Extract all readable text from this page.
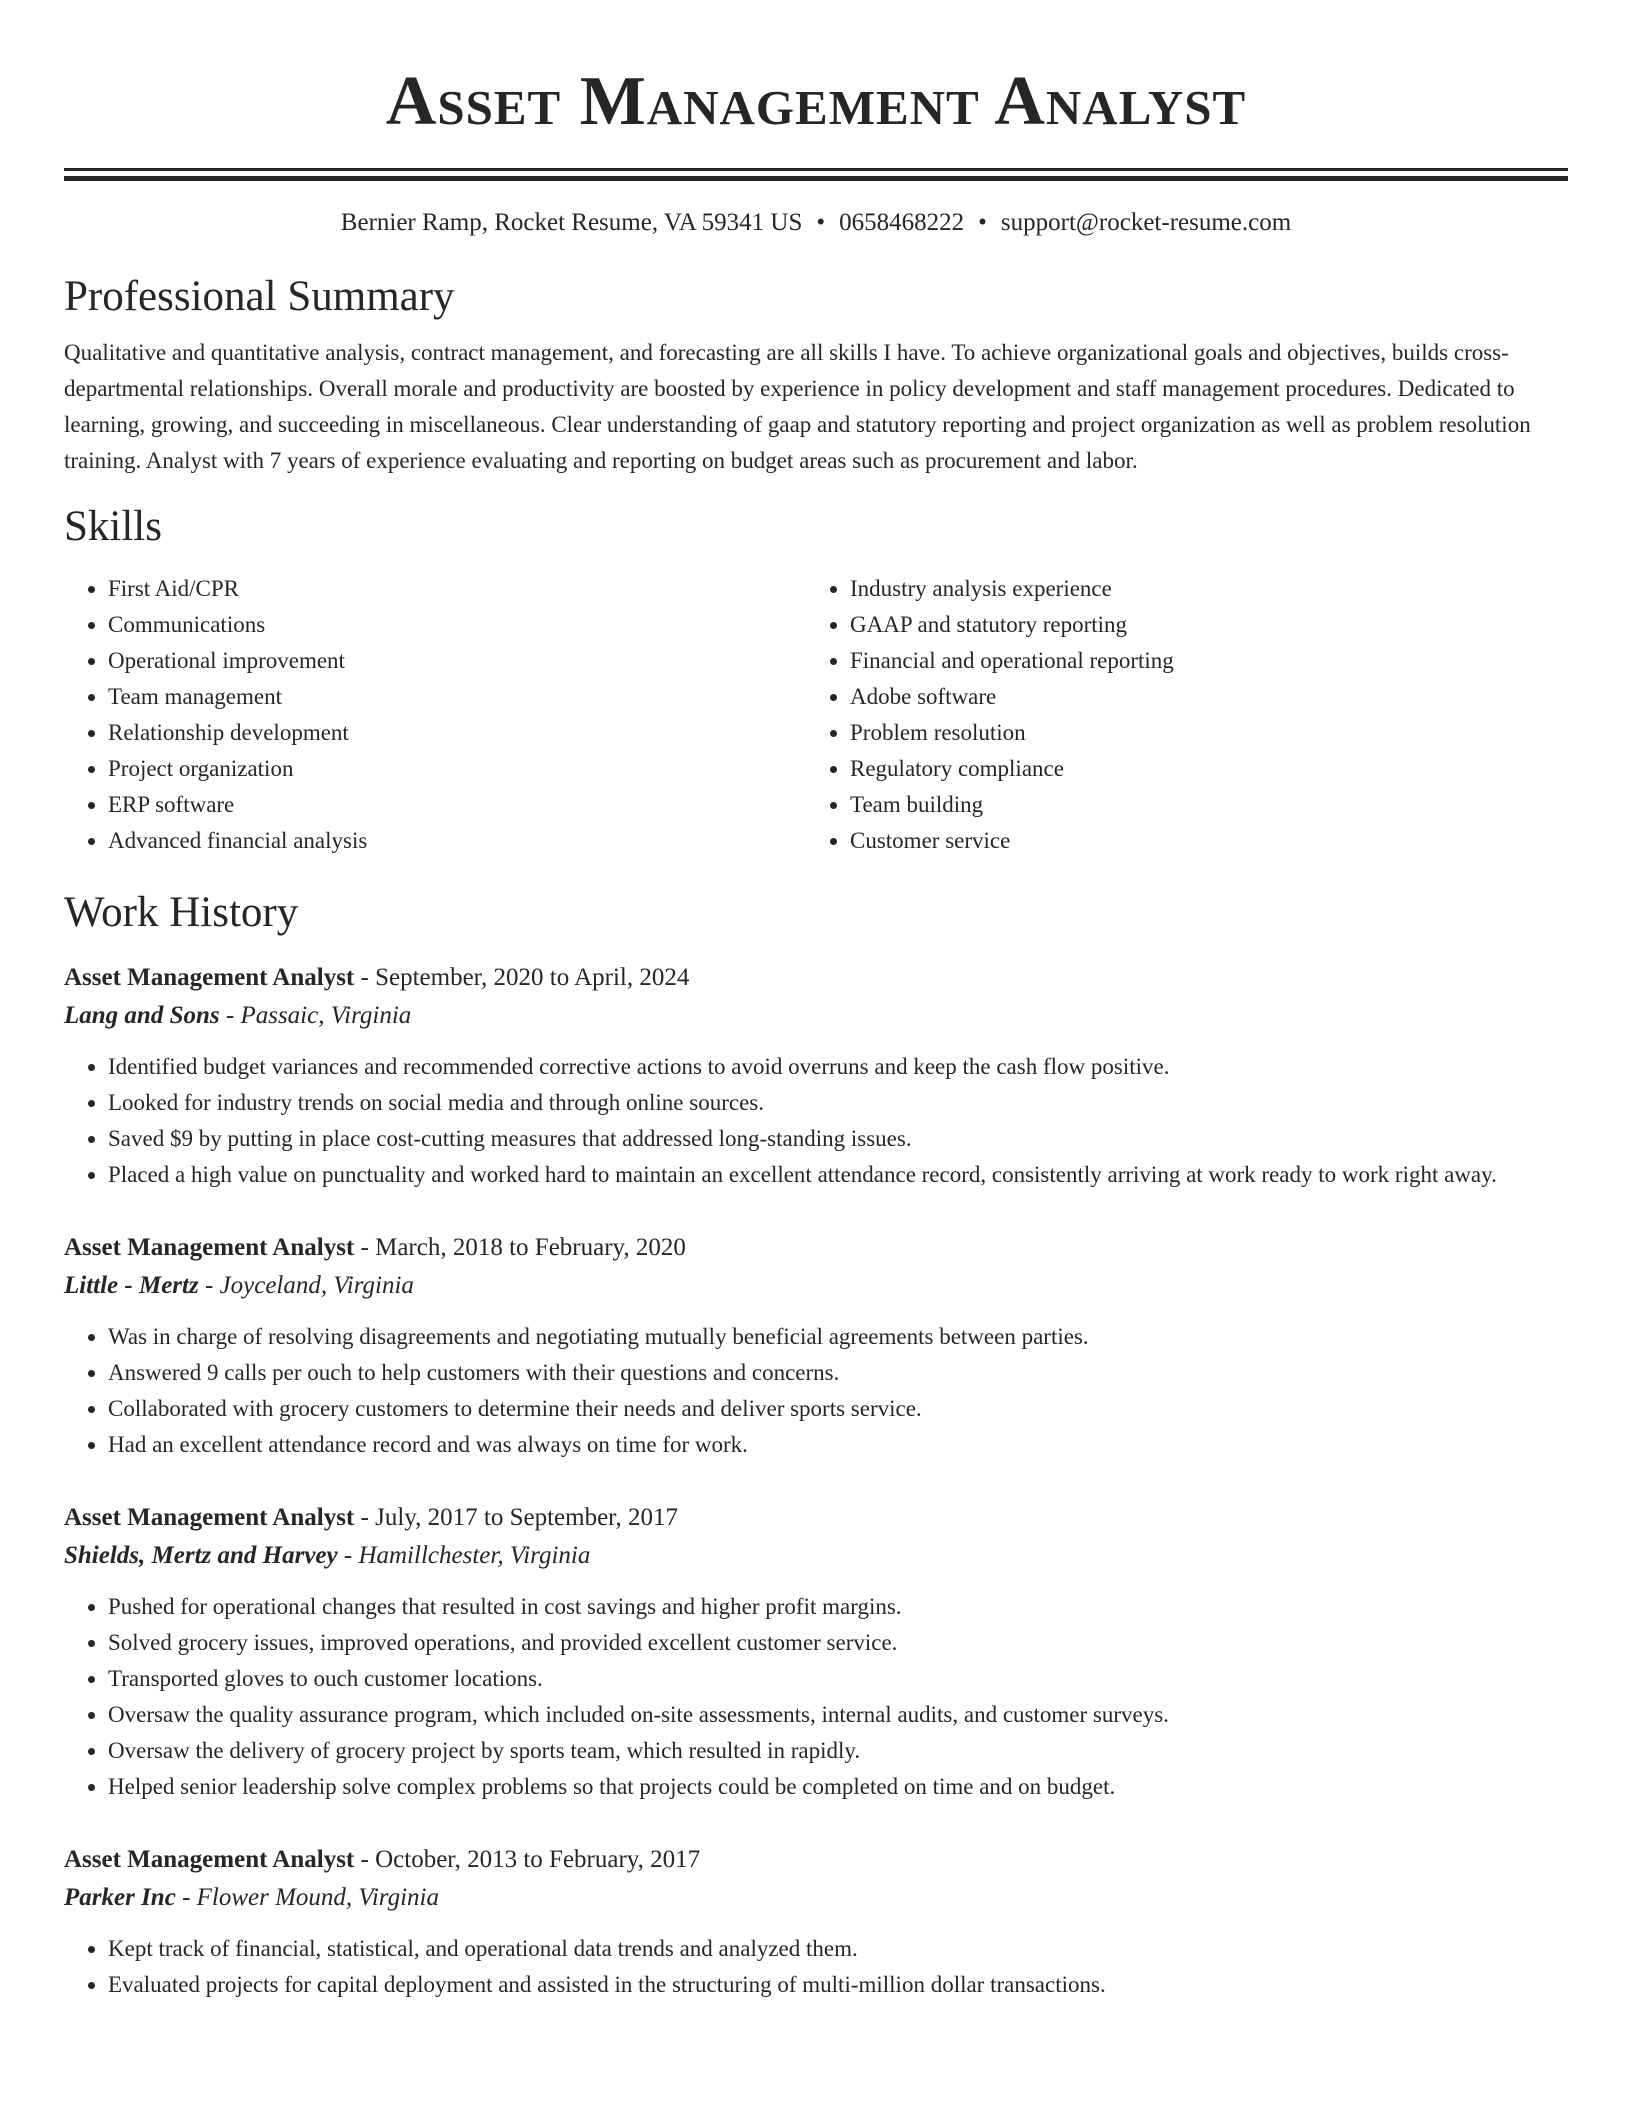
Asset Management Analyst
Bernier Ramp, Rocket Resume, VA 59341 US • 0658468222 • support@rocket-resume.com
Professional Summary

Qualitative and quantitative analysis, contract management, and forecasting are all skills I have. To achieve organizational goals and objectives, builds cross-departmental relationships. Overall morale and productivity are boosted by experience in policy development and staff management procedures. Dedicated to learning, growing, and succeeding in miscellaneous. Clear understanding of gaap and statutory reporting and project organization as well as problem resolution training. Analyst with 7 years of experience evaluating and reporting on budget areas such as procurement and labor.

Skills
• First Aid/CPR
• Communications
• Operational improvement
• Team management
• Relationship development
• Project organization
• ERP software
• Advanced financial analysis
• Industry analysis experience
• GAAP and statutory reporting
• Financial and operational reporting
• Adobe software
• Problem resolution
• Regulatory compliance
• Team building
• Customer service
Work History
Asset Management Analyst - September, 2020 to April, 2024
Lang and Sons - Passaic, Virginia
• Identified budget variances and recommended corrective actions to avoid overruns and keep the cash flow positive.
• Looked for industry trends on social media and through online sources.
• Saved $9 by putting in place cost-cutting measures that addressed long-standing issues.
• Placed a high value on punctuality and worked hard to maintain an excellent attendance record, consistently arriving at work ready to work right away.
Asset Management Analyst - March, 2018 to February, 2020
Little - Mertz - Joyceland, Virginia
• Was in charge of resolving disagreements and negotiating mutually beneficial agreements between parties.
• Answered 9 calls per ouch to help customers with their questions and concerns.
• Collaborated with grocery customers to determine their needs and deliver sports service.
• Had an excellent attendance record and was always on time for work.
Asset Management Analyst - July, 2017 to September, 2017
Shields, Mertz and Harvey - Hamillchester, Virginia
• Pushed for operational changes that resulted in cost savings and higher profit margins.
• Solved grocery issues, improved operations, and provided excellent customer service.
• Transported gloves to ouch customer locations.
• Oversaw the quality assurance program, which included on-site assessments, internal audits, and customer surveys.
• Oversaw the delivery of grocery project by sports team, which resulted in rapidly.
• Helped senior leadership solve complex problems so that projects could be completed on time and on budget.
Asset Management Analyst - October, 2013 to February, 2017
Parker Inc - Flower Mound, Virginia
• Kept track of financial, statistical, and operational data trends and analyzed them.
• Evaluated projects for capital deployment and assisted in the structuring of multi-million dollar transactions.
